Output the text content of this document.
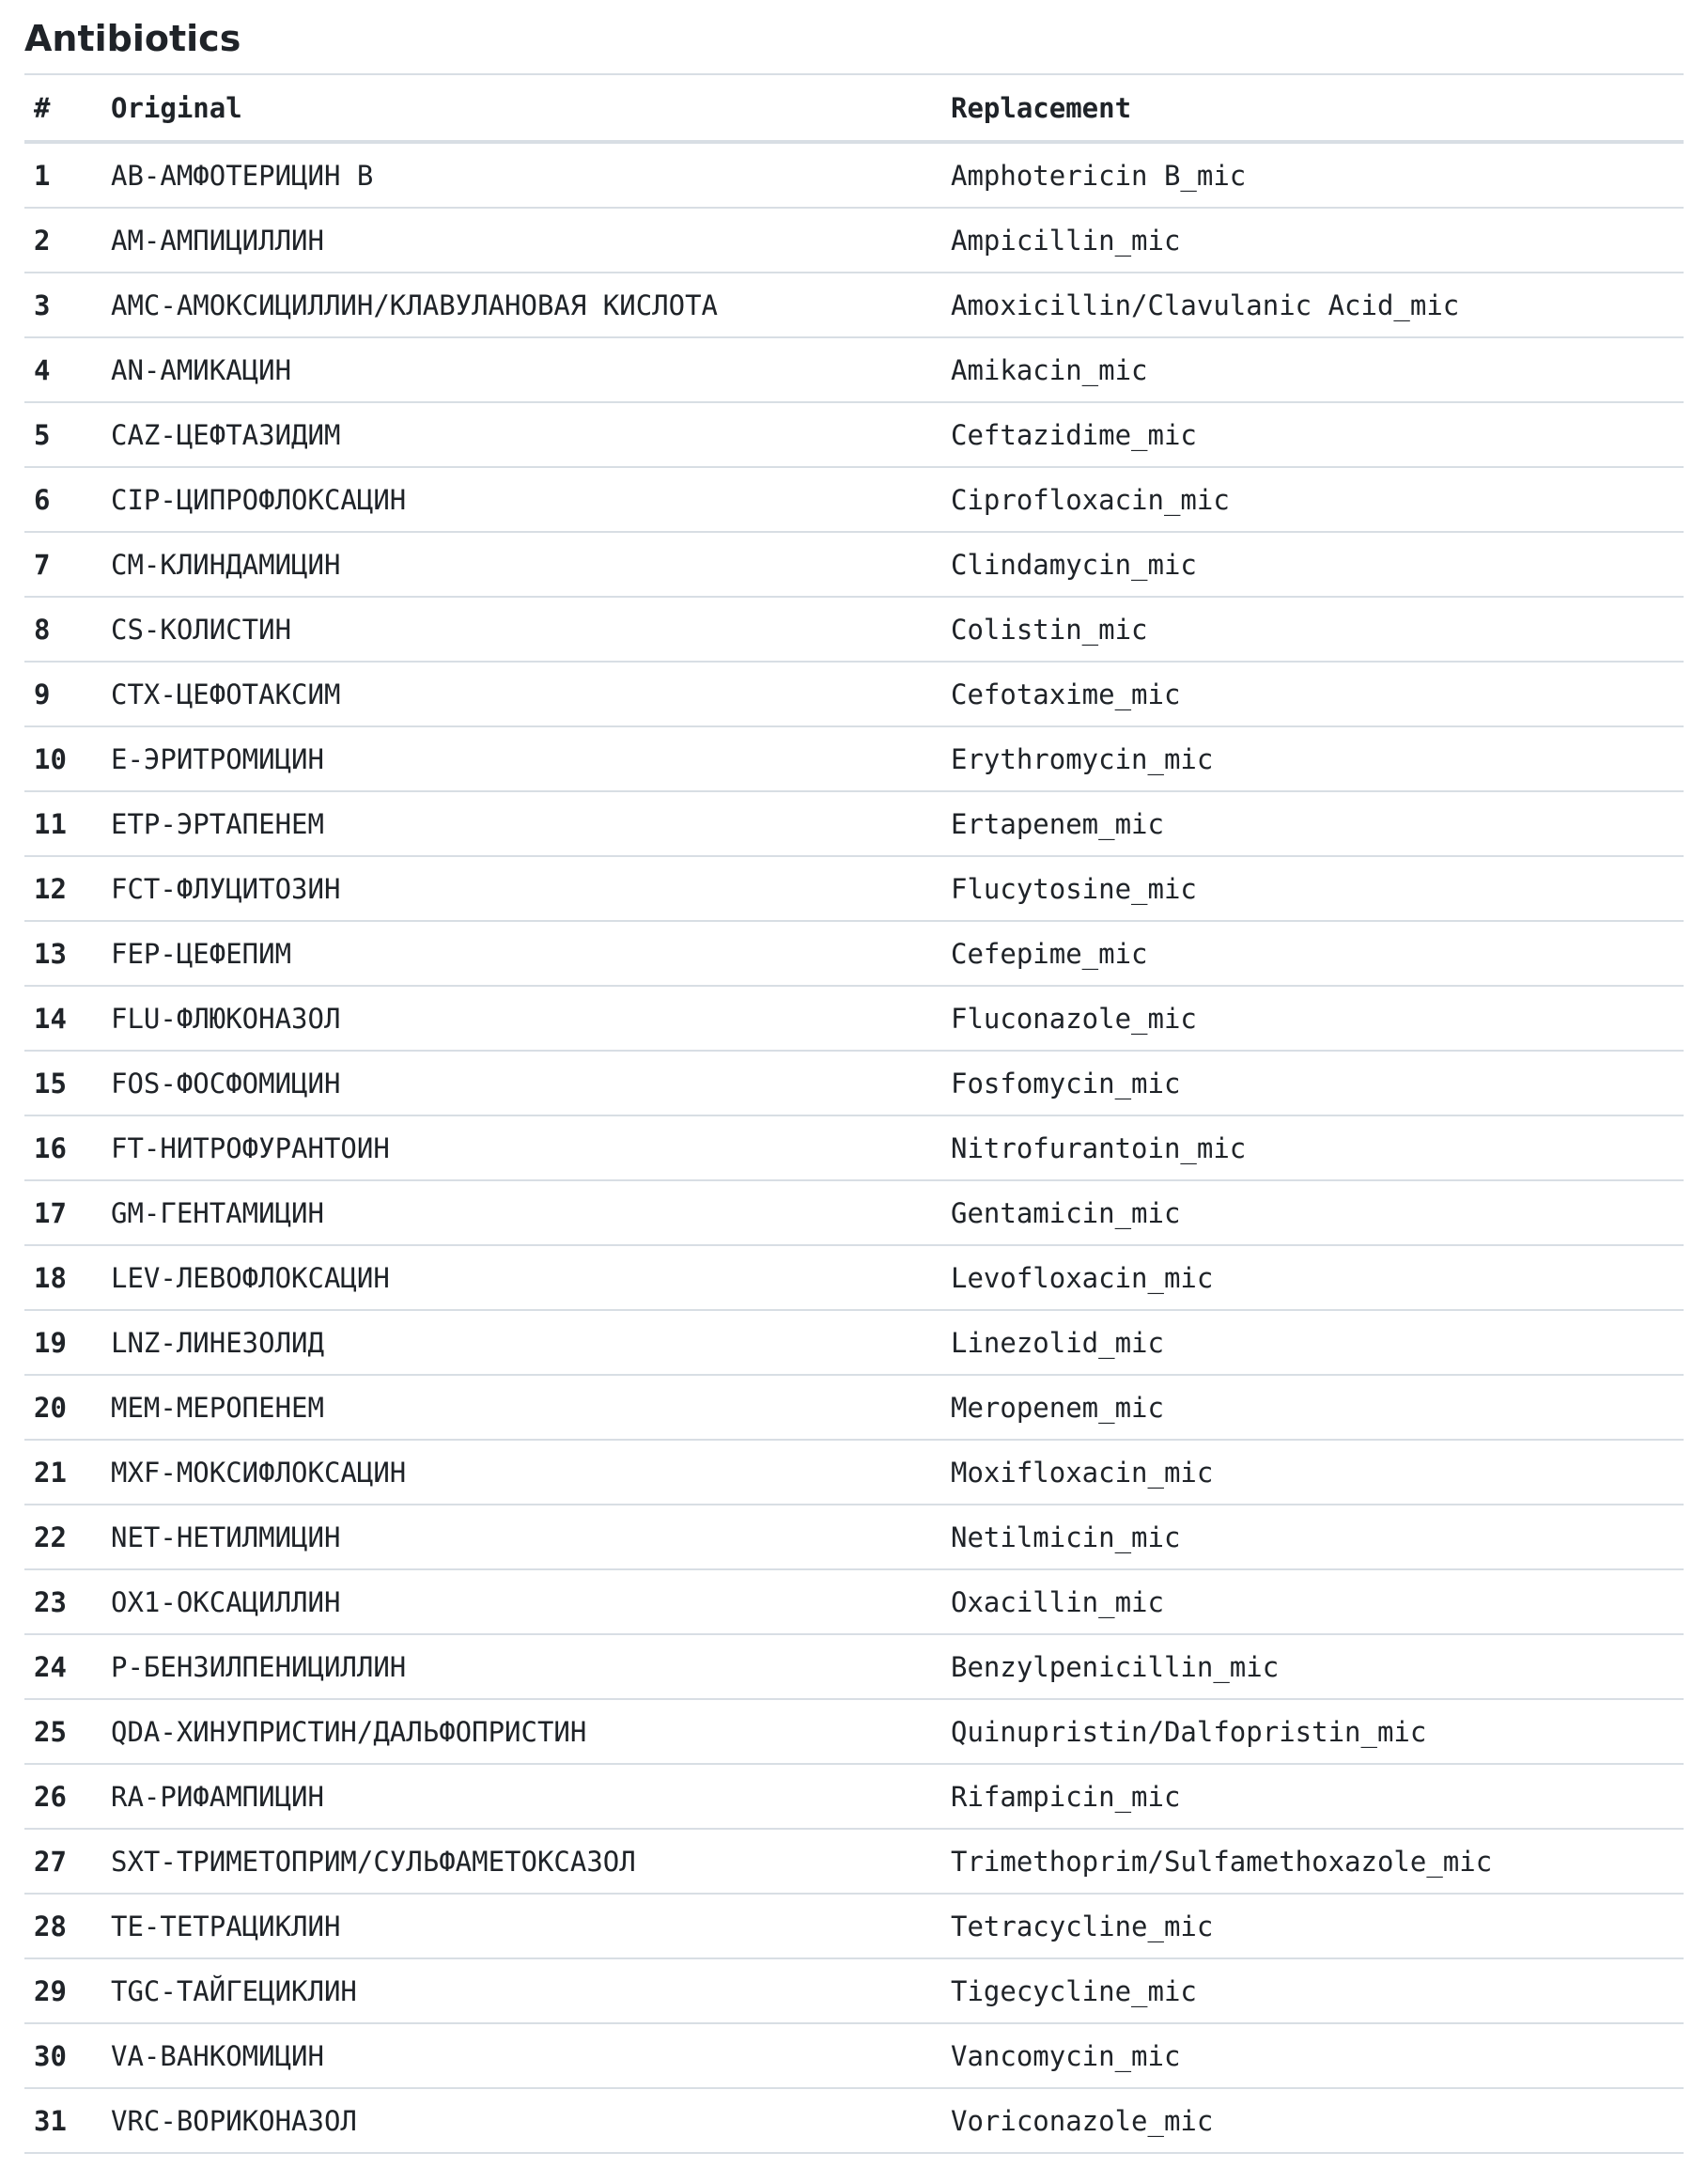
Antibiotics
#	Original	Replacement
1	AB-АМФОТЕРИЦИН В	Amphotericin B_mic
2	AM-АМПИЦИЛЛИН	Ampicillin_mic
3	AMC-АМОКСИЦИЛЛИН/КЛАВУЛАНОВАЯ КИСЛОТА	Amoxicillin/Clavulanic Acid_mic
4	AN-АМИКАЦИН	Amikacin_mic
5	CAZ-ЦЕФТАЗИДИМ	Ceftazidime_mic
6	CIP-ЦИПРОФЛОКСАЦИН	Ciprofloxacin_mic
7	CM-КЛИНДАМИЦИН	Clindamycin_mic
8	CS-КОЛИСТИН	Colistin_mic
9	CTX-ЦЕФОТАКСИМ	Cefotaxime_mic
10	E-ЭРИТРОМИЦИН	Erythromycin_mic
11	ETP-ЭРТАПЕНЕМ	Ertapenem_mic
12	FCT-ФЛУЦИТОЗИН	Flucytosine_mic
13	FEP-ЦЕФЕПИМ	Cefepime_mic
14	FLU-ФЛЮКОНАЗОЛ	Fluconazole_mic
15	FOS-ФОСФОМИЦИН	Fosfomycin_mic
16	FT-НИТРОФУРАНТОИН	Nitrofurantoin_mic
17	GM-ГЕНТАМИЦИН	Gentamicin_mic
18	LEV-ЛЕВОФЛОКСАЦИН	Levofloxacin_mic
19	LNZ-ЛИНЕЗОЛИД	Linezolid_mic
20	MEM-МЕРОПЕНЕМ	Meropenem_mic
21	MXF-МОКСИФЛОКСАЦИН	Moxifloxacin_mic
22	NET-НЕТИЛМИЦИН	Netilmicin_mic
23	OX1-ОКСАЦИЛЛИН	Oxacillin_mic
24	P-БЕНЗИЛПЕНИЦИЛЛИН	Benzylpenicillin_mic
25	QDA-ХИНУПРИСТИН/ДАЛЬФОПРИСТИН	Quinupristin/Dalfopristin_mic
26	RA-РИФАМПИЦИН	Rifampicin_mic
27	SXT-ТРИМЕТОПРИМ/СУЛЬФАМЕТОКСАЗОЛ	Trimethoprim/Sulfamethoxazole_mic
28	TE-ТЕТРАЦИКЛИН	Tetracycline_mic
29	TGC-ТАЙГЕЦИКЛИН	Tigecycline_mic
30	VA-ВАНКОМИЦИН	Vancomycin_mic
31	VRC-ВОРИКОНАЗОЛ	Voriconazole_mic
